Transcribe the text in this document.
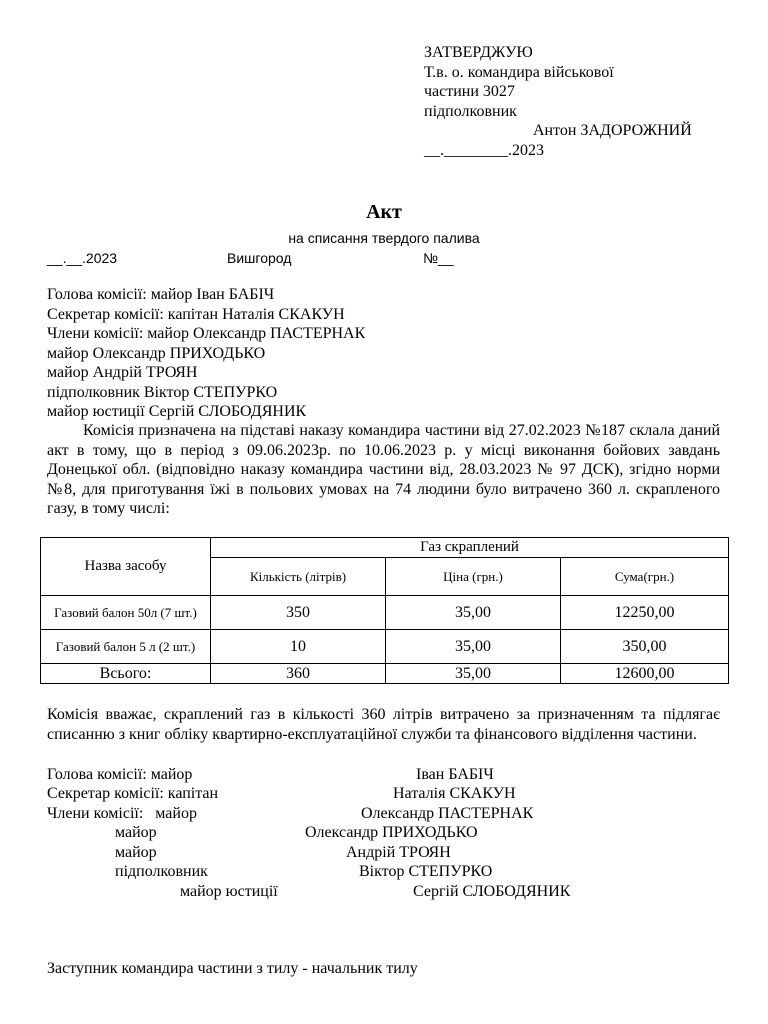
ЗАТВЕРДЖУЮ
Т.в. о. командира військової
частини 3027
підполковник
Антон ЗАДОРОЖНИЙ
__.________.2023
Акт
на списання твердого палива
__.__.2023	Вишгород	№__
Голова комісії: майор Іван БАБІЧ
Секретар комісії: капітан Наталія СКАКУН
Члени комісії: майор Олександр ПАСТЕРНАК
майор Олександр ПРИХОДЬКО
майор Андрій ТРОЯН
підполковник Віктор СТЕПУРКО
майор юстиції Сергій СЛОБОДЯНИК
Комісія призначена на підставі наказу командира частини від 27.02.2023 №187 склала даний акт в тому, що в період з 09.06.2023р. по 10.06.2023 р. у місці виконання бойових завдань Донецької обл. (відповідно наказу командира частини від, 28.03.2023 № 97 ДСК), згідно норми №8, для приготування їжі в польових умовах на 74 людини було витрачено 360 л. скрапленого газу, в тому числі:
Назва засобу	Газ скраплений		
	Кількість (літрів)	Ціна (грн.)	Сума(грн.)
Газовий балон 50л (7 шт.)	350	35,00	12250,00
Газовий балон 5 л (2 шт.)	10	35,00	350,00
Всього:	360	35,00	12600,00
Комісія вважає, скраплений газ в кількості 360 літрів витрачено за призначенням та підлягає списанню з книг обліку квартирно-експлуатаційної служби та фінансового відділення частини.
Голова комісії: майор	Іван БАБІЧ
Секретар комісії: капітан	Наталія СКАКУН
Члени комісії:   майор	Олександр ПАСТЕРНАК
майор	Олександр ПРИХОДЬКО
майор	Андрій ТРОЯН
підполковник	Віктор СТЕПУРКО
майор юстиції	Сергій СЛОБОДЯНИК
Заступник командира частини з тилу - начальник тилу
